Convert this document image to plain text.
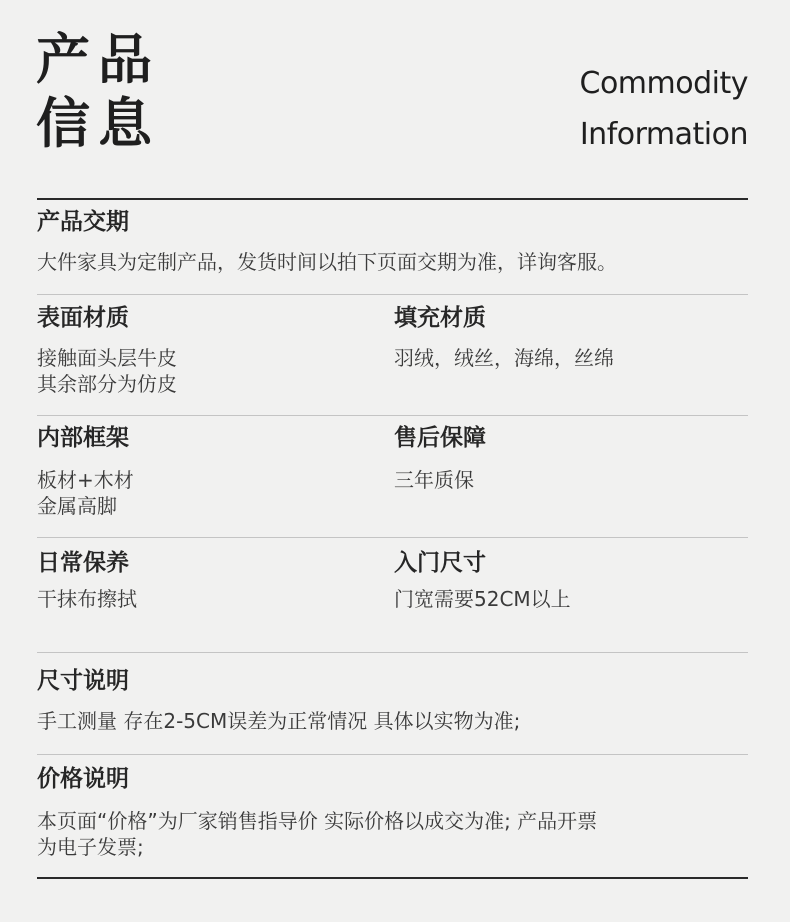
产品
信息
Commodity
Information
产品交期
大件家具为定制产品，发货时间以拍下页面交期为准，详询客服。
表面材质
接触面头层牛皮
其余部分为仿皮
填充材质
羽绒，绒丝，海绵，丝绵
内部框架
板材+木材
金属高脚
售后保障
三年质保
日常保养
干抹布擦拭
入门尺寸
门宽需要52CM以上
尺寸说明
手工测量 存在2-5CM误差为正常情况 具体以实物为准;
价格说明
本页面“价格”为厂家销售指导价 实际价格以成交为准; 产品开票
为电子发票;
